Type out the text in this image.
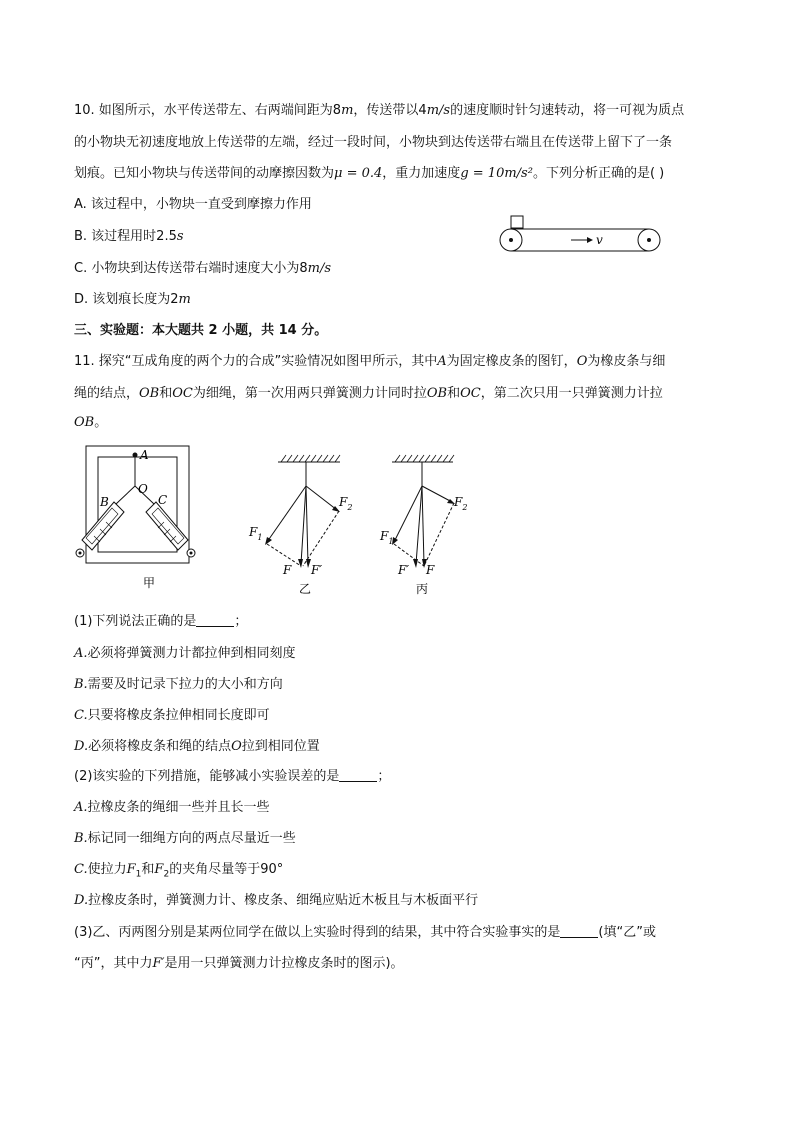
10. 如图所示，水平传送带左、右两端间距为8m，传送带以4m/s的速度顺时针匀速转动，将一可视为质点
的小物块无初速度地放上传送带的左端，经过一段时间，小物块到达传送带右端且在传送带上留下了一条
划痕。已知小物块与传送带间的动摩擦因数为μ = 0.4，重力加速度g = 10m/s²。下列分析正确的是( )
A. 该过程中，小物块一直受到摩擦力作用
B. 该过程用时2.5s
C. 小物块到达传送带右端时速度大小为8m/s
D. 该划痕长度为2m
v
三、实验题：本大题共 2 小题，共 14 分。
11. 探究“互成角度的两个力的合成”实验情况如图甲所示，其中A为固定橡皮条的图钉，O为橡皮条与细
绳的结点，OB和OC为细绳，第一次用两只弹簧测力计同时拉OB和OC，第二次只用一只弹簧测力计拉
OB。
A
O
B	C
甲
$F_1$
$F_2$
F F′
乙
$F_1$
$F_2$
F′ F
丙
(1)下列说法正确的是	；
A.必须将弹簧测力计都拉伸到相同刻度
B.需要及时记录下拉力的大小和方向
C.只要将橡皮条拉伸相同长度即可
D.必须将橡皮条和绳的结点O拉到相同位置
(2)该实验的下列措施，能够减小实验误差的是	；
A.拉橡皮条的绳细一些并且长一些
B.标记同一细绳方向的两点尽量近一些
C.使拉力$F_1$和$F_2$的夹角尽量等于90°
D.拉橡皮条时，弹簧测力计、橡皮条、细绳应贴近木板且与木板面平行
(3)乙、丙两图分别是某两位同学在做以上实验时得到的结果，其中符合实验事实的是	(填“乙”或
“丙”，其中力F′是用一只弹簧测力计拉橡皮条时的图示)。
